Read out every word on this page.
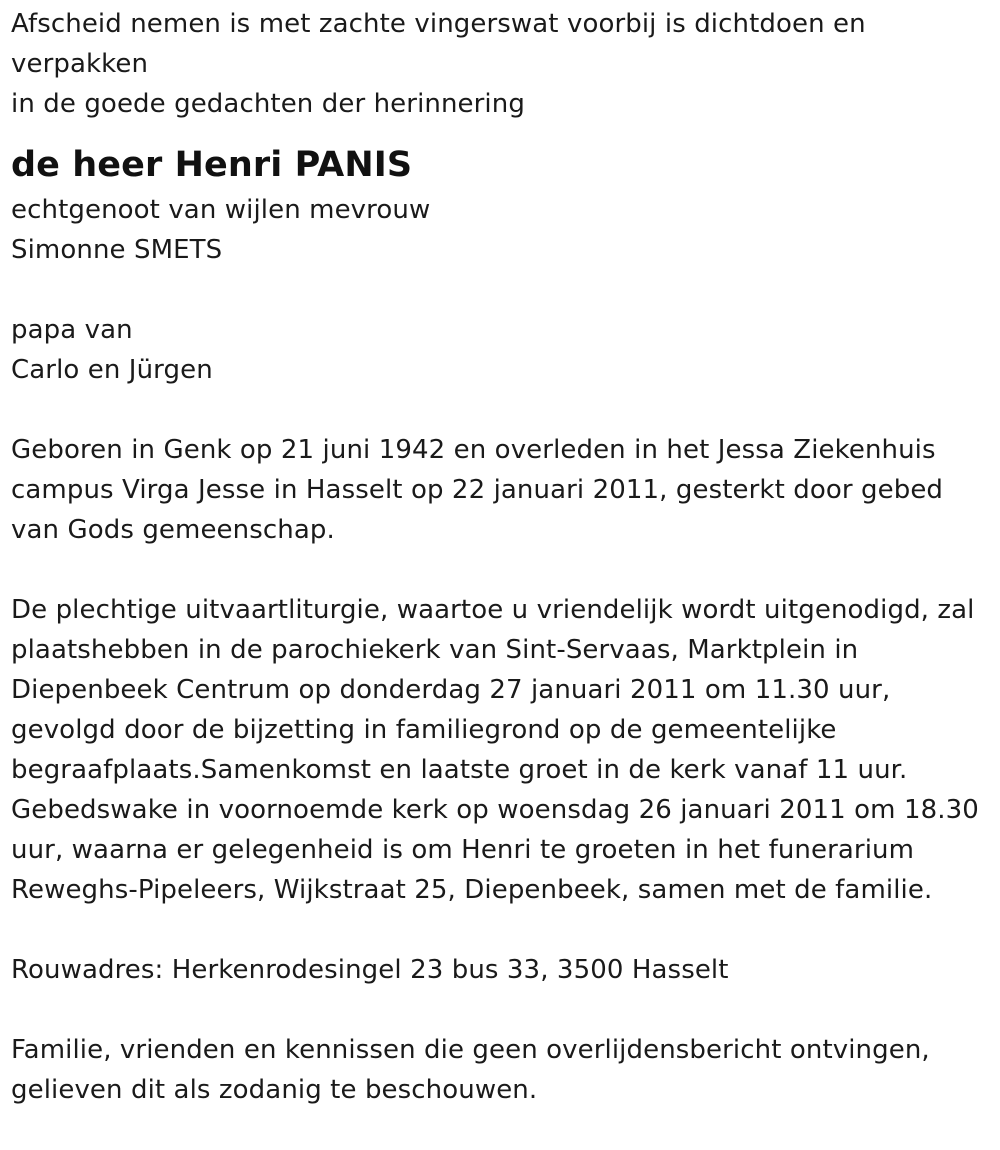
Afscheid nemen is met zachte vingerswat voorbij is dichtdoen en
verpakken
in de goede gedachten der herinnering
de heer Henri PANIS
echtgenoot van wijlen mevrouw
Simonne SMETS
papa van
Carlo en Jürgen
Geboren in Genk op 21 juni 1942 en overleden in het Jessa Ziekenhuis
campus Virga Jesse in Hasselt op 22 januari 2011, gesterkt door gebed
van Gods gemeenschap.
De plechtige uitvaartliturgie, waartoe u vriendelijk wordt uitgenodigd, zal
plaatshebben in de parochiekerk van Sint-Servaas, Marktplein in
Diepenbeek Centrum op donderdag 27 januari 2011 om 11.30 uur,
gevolgd door de bijzetting in familiegrond op de gemeentelijke
begraafplaats.Samenkomst en laatste groet in de kerk vanaf 11 uur.
Gebedswake in voornoemde kerk op woensdag 26 januari 2011 om 18.30
uur, waarna er gelegenheid is om Henri te groeten in het funerarium
Reweghs-Pipeleers, Wijkstraat 25, Diepenbeek, samen met de familie.
Rouwadres: Herkenrodesingel 23 bus 33, 3500 Hasselt
Familie, vrienden en kennissen die geen overlijdensbericht ontvingen,
gelieven dit als zodanig te beschouwen.
